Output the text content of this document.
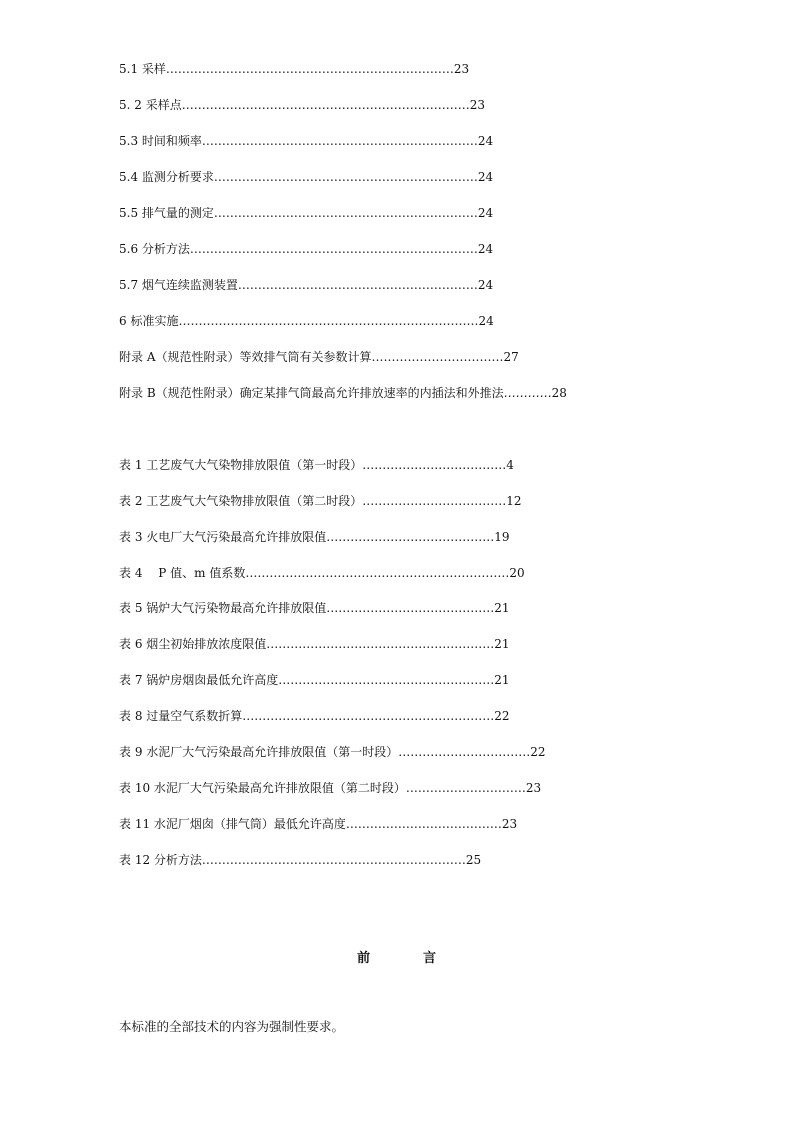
5.1 采样………………………………………………………………23

5. 2 采样点………………………………………………………………23

5.3 时间和频率……………………………………………………………24

5.4 监测分析要求…………………………………………………………24

5.5 排气量的测定…………………………………………………………24

5.6 分析方法………………………………………………………………24

5.7 烟气连续监测装置……………………………………………………24

6 标准实施…………………………………………………………………24

附录 A（规范性附录）等效排气筒有关参数计算……………………………27

附录 B（规范性附录）确定某排气筒最高允许排放速率的内插法和外推法…………28

表 1 工艺废气大气染物排放限值（第一时段）………………………………4

表 2 工艺废气大气染物排放限值（第二时段）………………………………12

表 3 火电厂大气污染最高允许排放限值……………………………………19

表 4　 P 值、m 值系数…………………………………………………………20

表 5 锅炉大气污染物最高允许排放限值……………………………………21

表 6 烟尘初始排放浓度限值…………………………………………………21

表 7 锅炉房烟囱最低允许高度………………………………………………21

表 8 过量空气系数折算………………………………………………………22

表 9 水泥厂大气污染最高允许排放限值（第一时段）……………………………22

表 10 水泥厂大气污染最高允许排放限值（第二时段）…………………………23

表 11 水泥厂烟囱（排气筒）最低允许高度…………………………………23

表 12 分析方法…………………………………………………………25

前　言

本标准的全部技术的内容为强制性要求。
